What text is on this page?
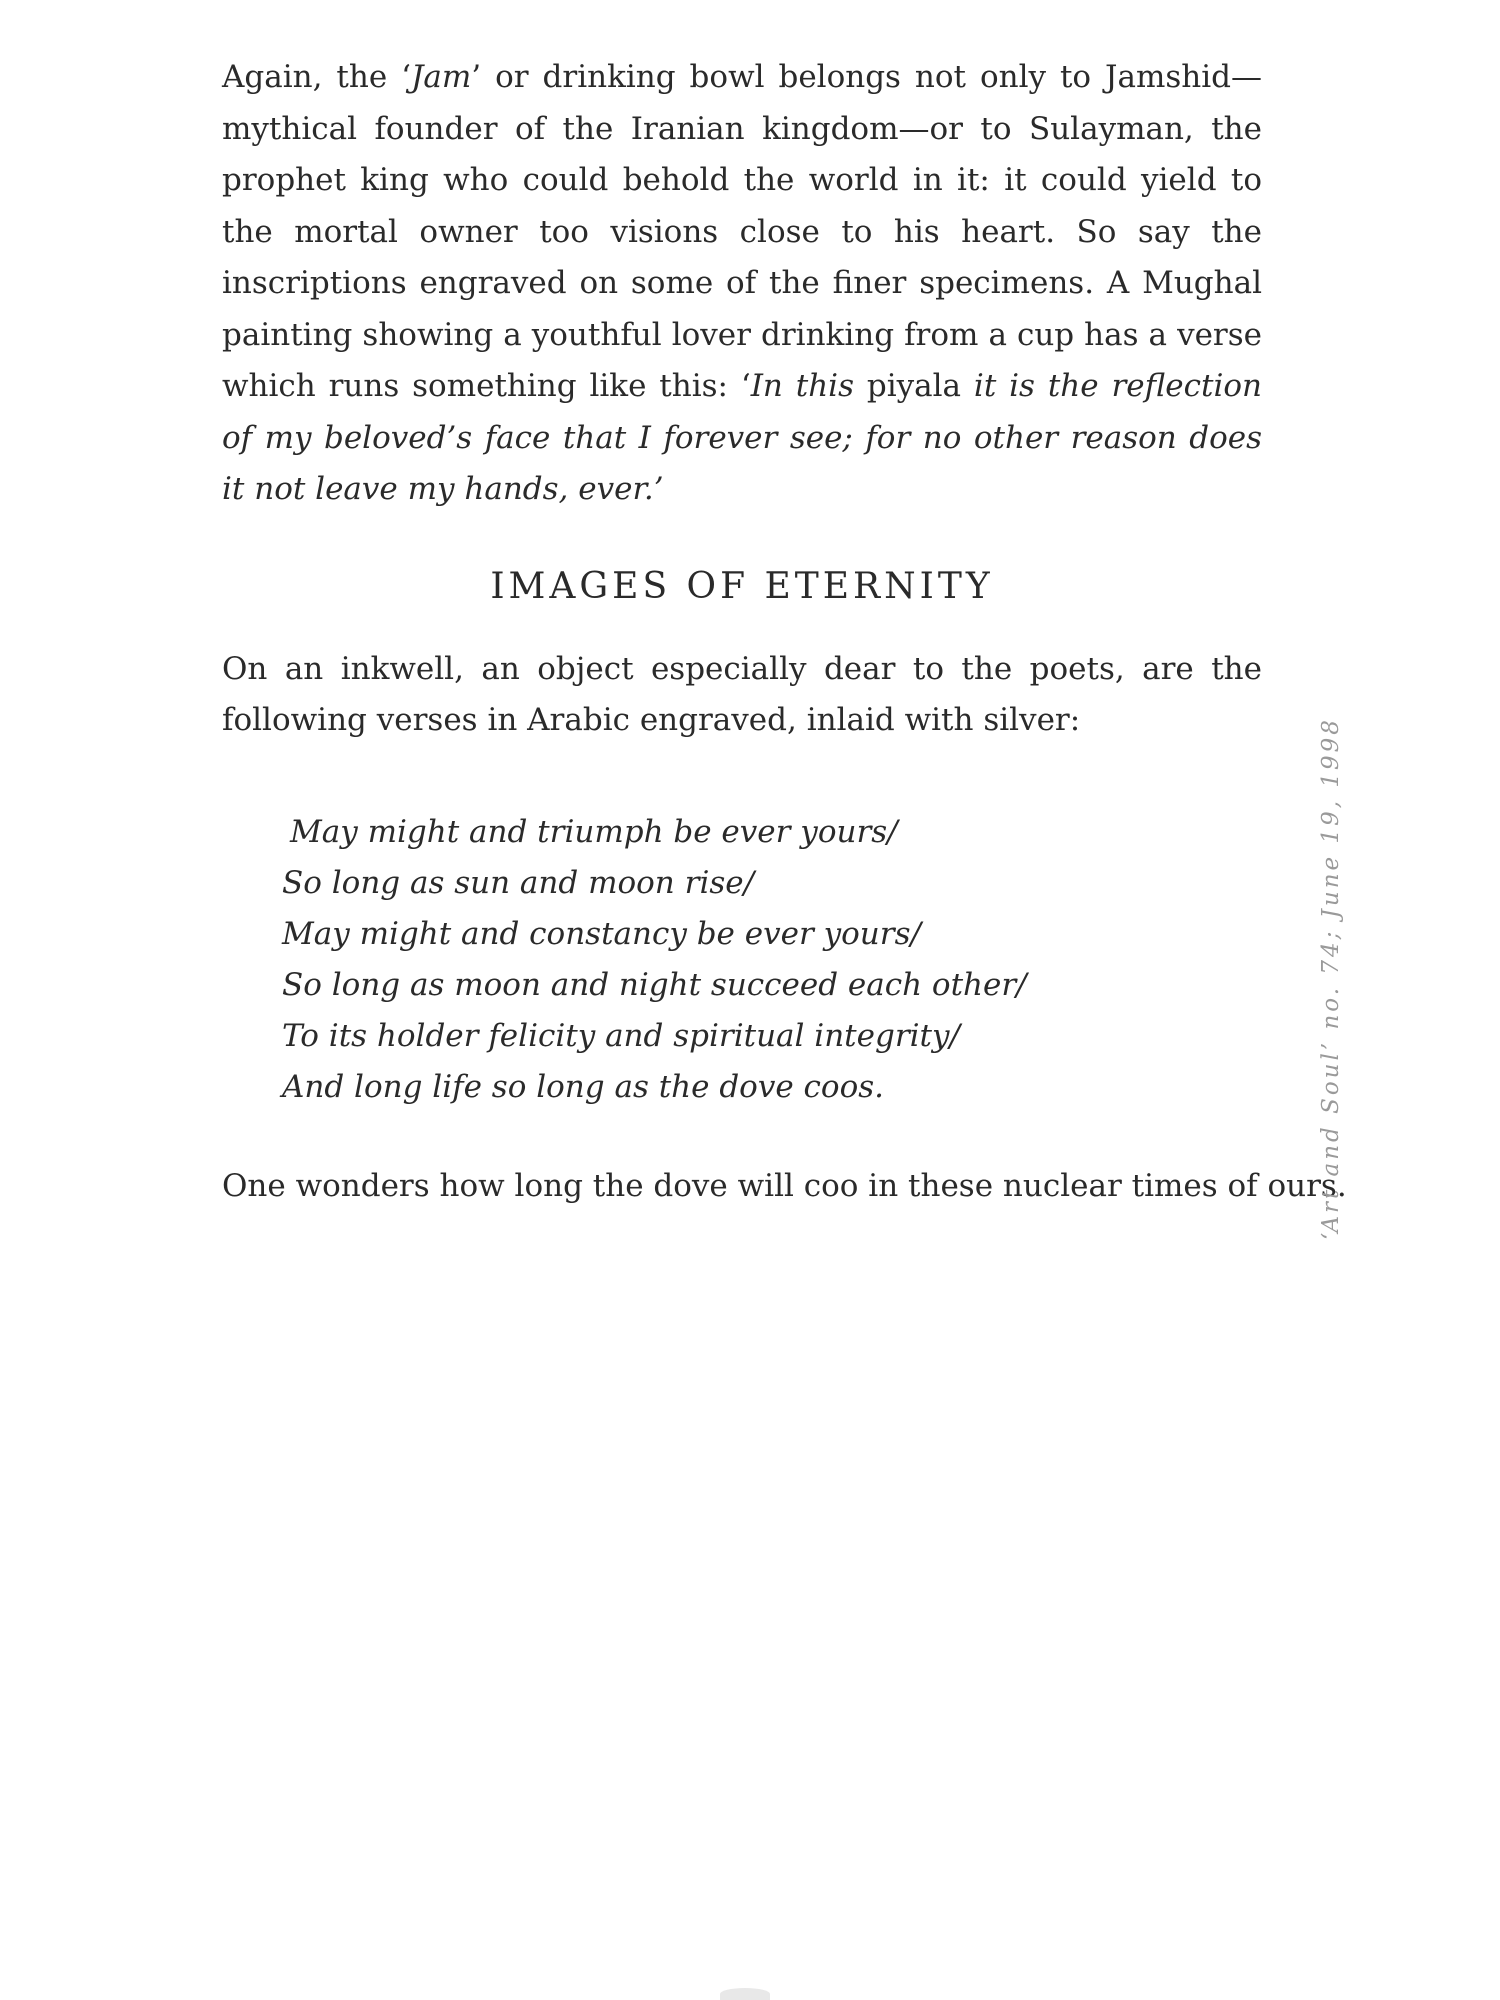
Again, the ‘Jam’ or drinking bowl belongs not only to Jamshid—mythical founder of the Iranian kingdom—or to Sulayman, the prophet king who could behold the world in it: it could yield to the mortal owner too visions close to his heart. So say the inscriptions engraved on some of the finer specimens. A Mughal painting showing a youthful lover drinking from a cup has a verse which runs something like this: ‘In this piyala it is the reflection of my beloved’s face that I forever see; for no other reason does it not leave my hands, ever.’

IMAGES OF ETERNITY

On an inkwell, an object especially dear to the poets, are the following verses in Arabic engraved, inlaid with silver:

May might and triumph be ever yours/
So long as sun and moon rise/
May might and constancy be ever yours/
So long as moon and night succeed each other/
To its holder felicity and spiritual integrity/
And long life so long as the dove coos.

One wonders how long the dove will coo in these nuclear times of ours.

‘Art and Soul’ no. 74; June 19, 1998
